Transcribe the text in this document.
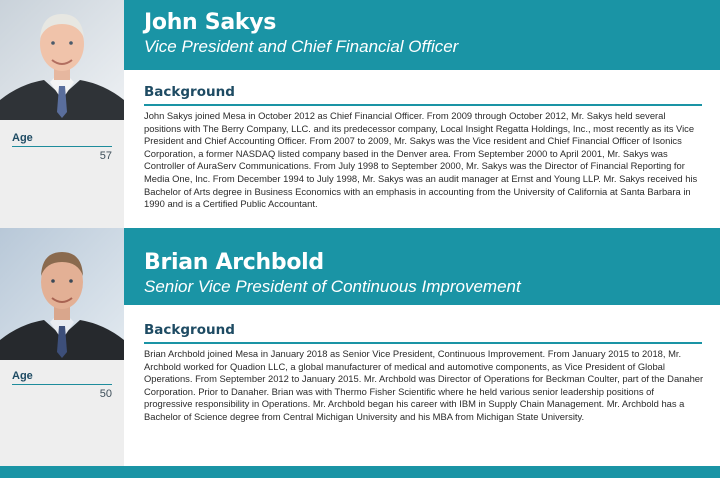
Age
57
John Sakys
Vice President and Chief Financial Officer
Background

John Sakys joined Mesa in October 2012 as Chief Financial Officer. From 2009 through October 2012, Mr. Sakys held several positions with The Berry Company, LLC. and its predecessor company, Local Insight Regatta Holdings, Inc., most recently as its Vice President and Chief Accounting Officer. From 2007 to 2009, Mr. Sakys was the Vice resident and Chief Financial Officer of Isonics Corporation, a former NASDAQ listed company based in the Denver area. From September 2000 to April 2001, Mr. Sakys was Controller of AuraServ Communications. From July 1998 to September 2000, Mr. Sakys was the Director of Financial Reporting for Media One, Inc. From December 1994 to July 1998, Mr. Sakys was an audit manager at Ernst and Young LLP. Mr. Sakys received his Bachelor of Arts degree in Business Economics with an emphasis in accounting from the University of California at Santa Barbara in 1990 and is a Certified Public Accountant.

Age
50
Brian Archbold
Senior Vice President of Continuous Improvement
Background

Brian Archbold joined Mesa in January 2018 as Senior Vice President, Continuous Improvement. From January 2015 to 2018, Mr. Archbold worked for Quadion LLC, a global manufacturer of medical and automotive components, as Vice President of Global Operations. From September 2012 to January 2015. Mr. Archbold was Director of Operations for Beckman Coulter, part of the Danaher Corporation. Prior to Danaher. Brian was with Thermo Fisher Scientific where he held various senior leadership positions of progressive responsibility in Operations. Mr. Archbold began his career with IBM in Supply Chain Management. Mr. Archbold has a Bachelor of Science degree from Central Michigan University and his MBA from Michigan State University.
